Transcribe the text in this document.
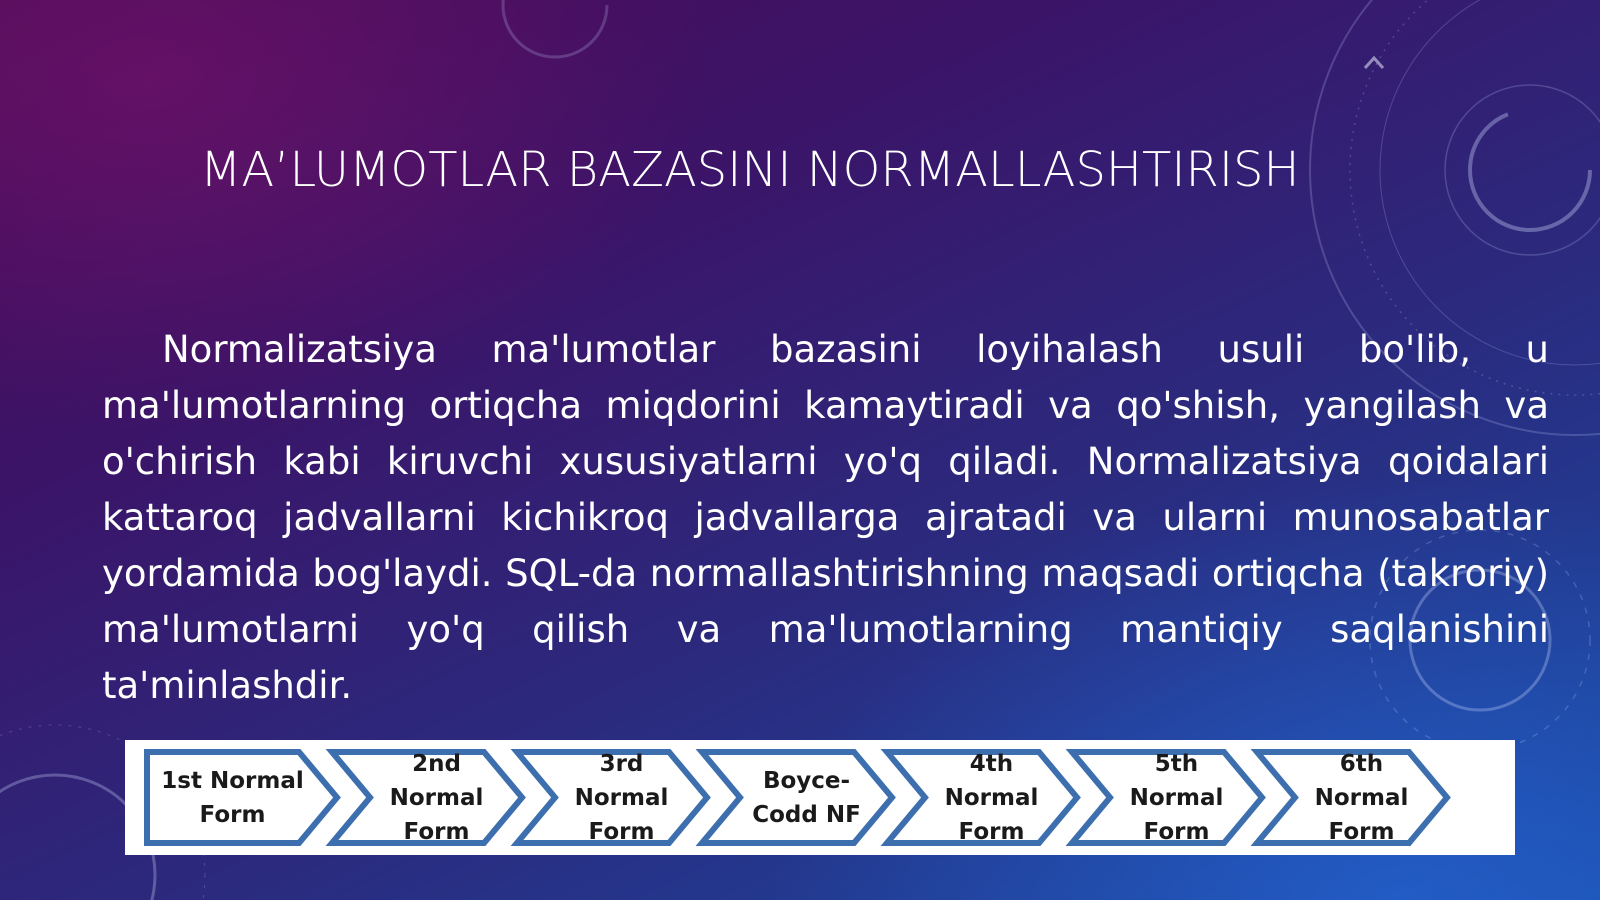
MA’LUMOTLAR BAZASINI NORMALLASHTIRISH

Normalizatsiya ma'lumotlar bazasini loyihalash usuli bo'lib, u ma'lumotlarning ortiqcha miqdorini kamaytiradi va qo'shish, yangilash va o'chirish kabi kiruvchi xususiyatlarni yo'q qiladi. Normalizatsiya qoidalari kattaroq jadvallarni kichikroq jadvallarga ajratadi va ularni munosabatlar yordamida bog'laydi. SQL-da normallashtirishning maqsadi ortiqcha (takroriy) ma'lumotlarni yo'q qilish va ma'lumotlarning mantiqiy saqlanishini ta'minlashdir.

1st Normal
Form
2nd
Normal
Form
3rd
Normal
Form
Boyce-
Codd NF
4th
Normal
Form
5th
Normal
Form
6th
Normal
Form
